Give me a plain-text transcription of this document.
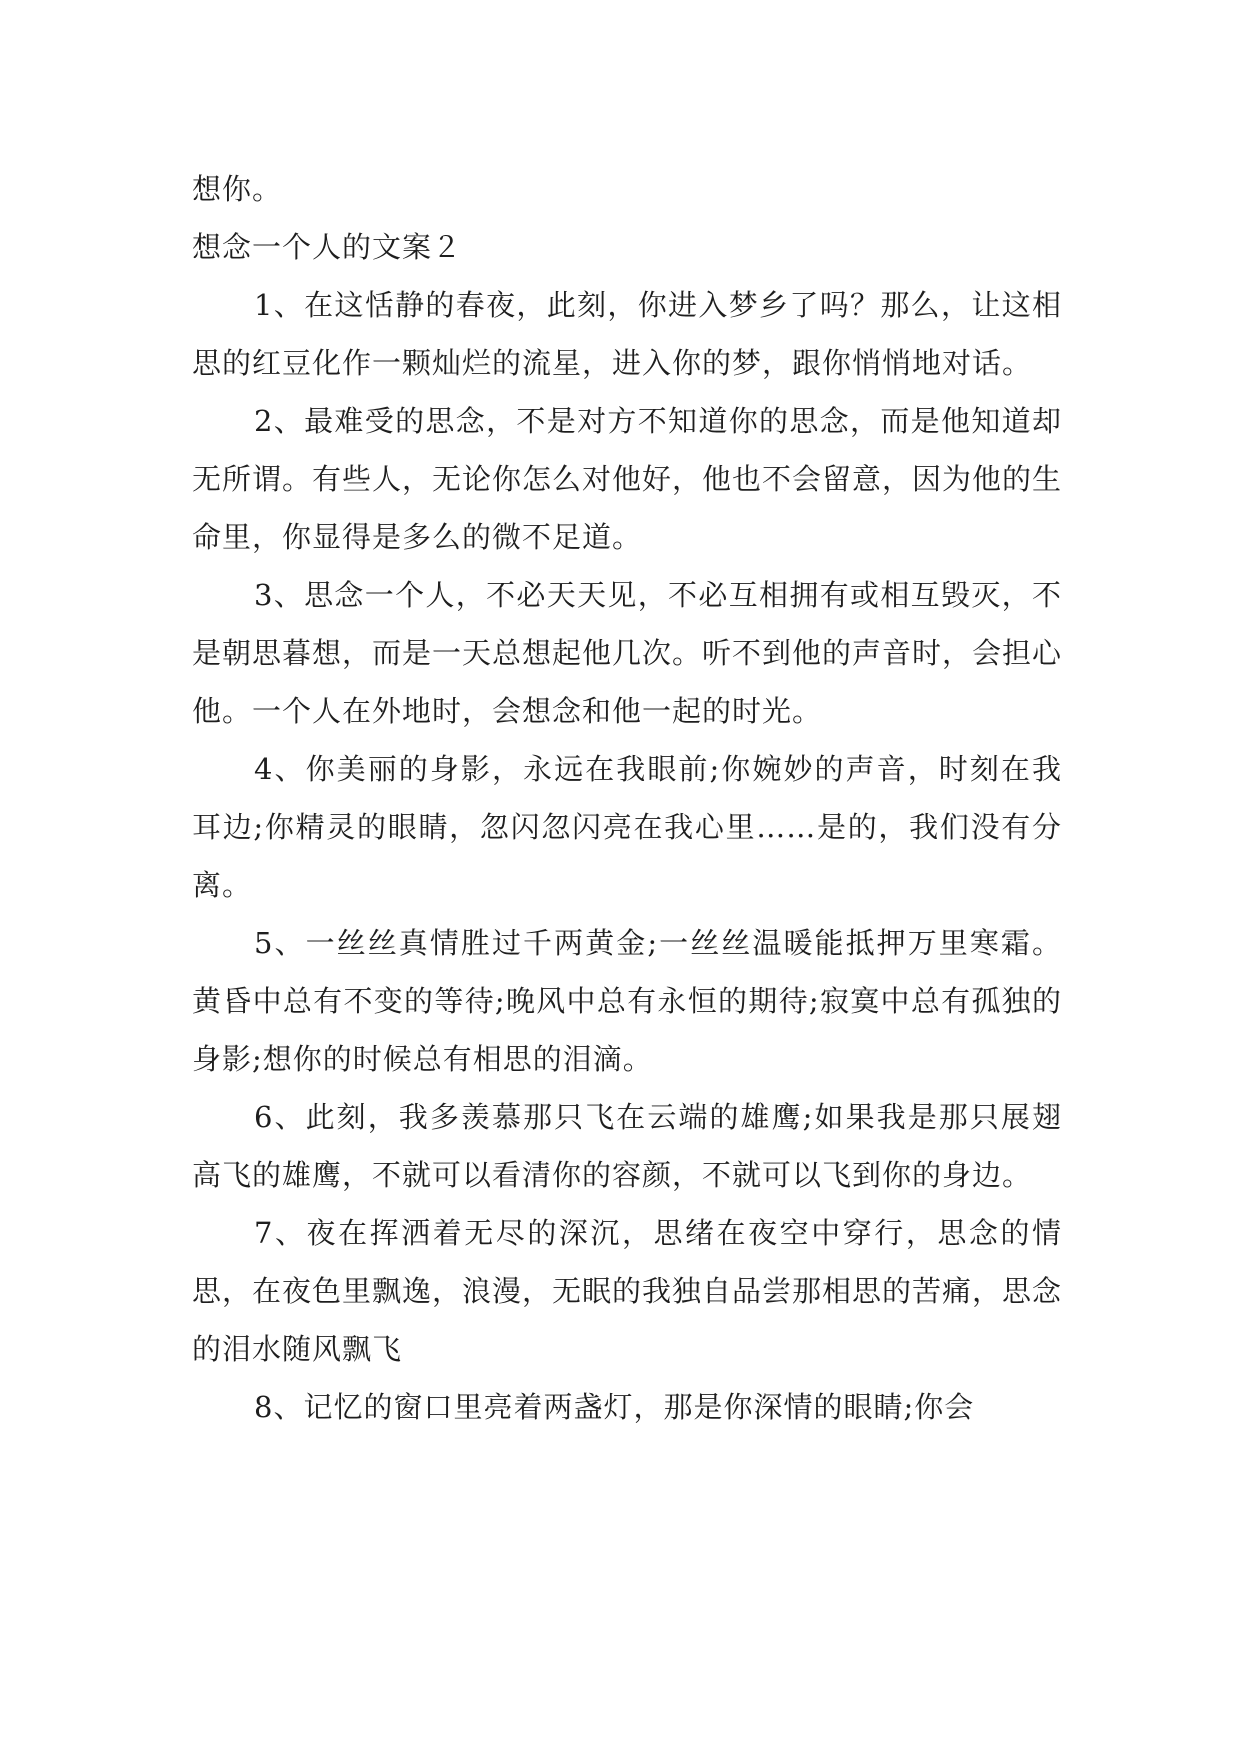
想你。

想念一个人的文案２

1、在这恬静的春夜，此刻，你进入梦乡了吗？那么，让这相思的红豆化作一颗灿烂的流星，进入你的梦，跟你悄悄地对话。

2、最难受的思念，不是对方不知道你的思念，而是他知道却无所谓。有些人，无论你怎么对他好，他也不会留意，因为他的生命里，你显得是多么的微不足道。

3、思念一个人，不必天天见，不必互相拥有或相互毁灭，不是朝思暮想，而是一天总想起他几次。听不到他的声音时，会担心他。一个人在外地时，会想念和他一起的时光。

4、你美丽的身影，永远在我眼前;你婉妙的声音，时刻在我耳边;你精灵的眼睛，忽闪忽闪亮在我心里……是的，我们没有分离。

5、一丝丝真情胜过千两黄金;一丝丝温暖能抵押万里寒霜。黄昏中总有不变的等待;晚风中总有永恒的期待;寂寞中总有孤独的身影;想你的时候总有相思的泪滴。

6、此刻，我多羡慕那只飞在云端的雄鹰;如果我是那只展翅高飞的雄鹰，不就可以看清你的容颜，不就可以飞到你的身边。

7、夜在挥洒着无尽的深沉，思绪在夜空中穿行，思念的情思，在夜色里飘逸，浪漫，无眠的我独自品尝那相思的苦痛，思念的泪水随风飘飞

8、记忆的窗口里亮着两盏灯，那是你深情的眼睛;你会
